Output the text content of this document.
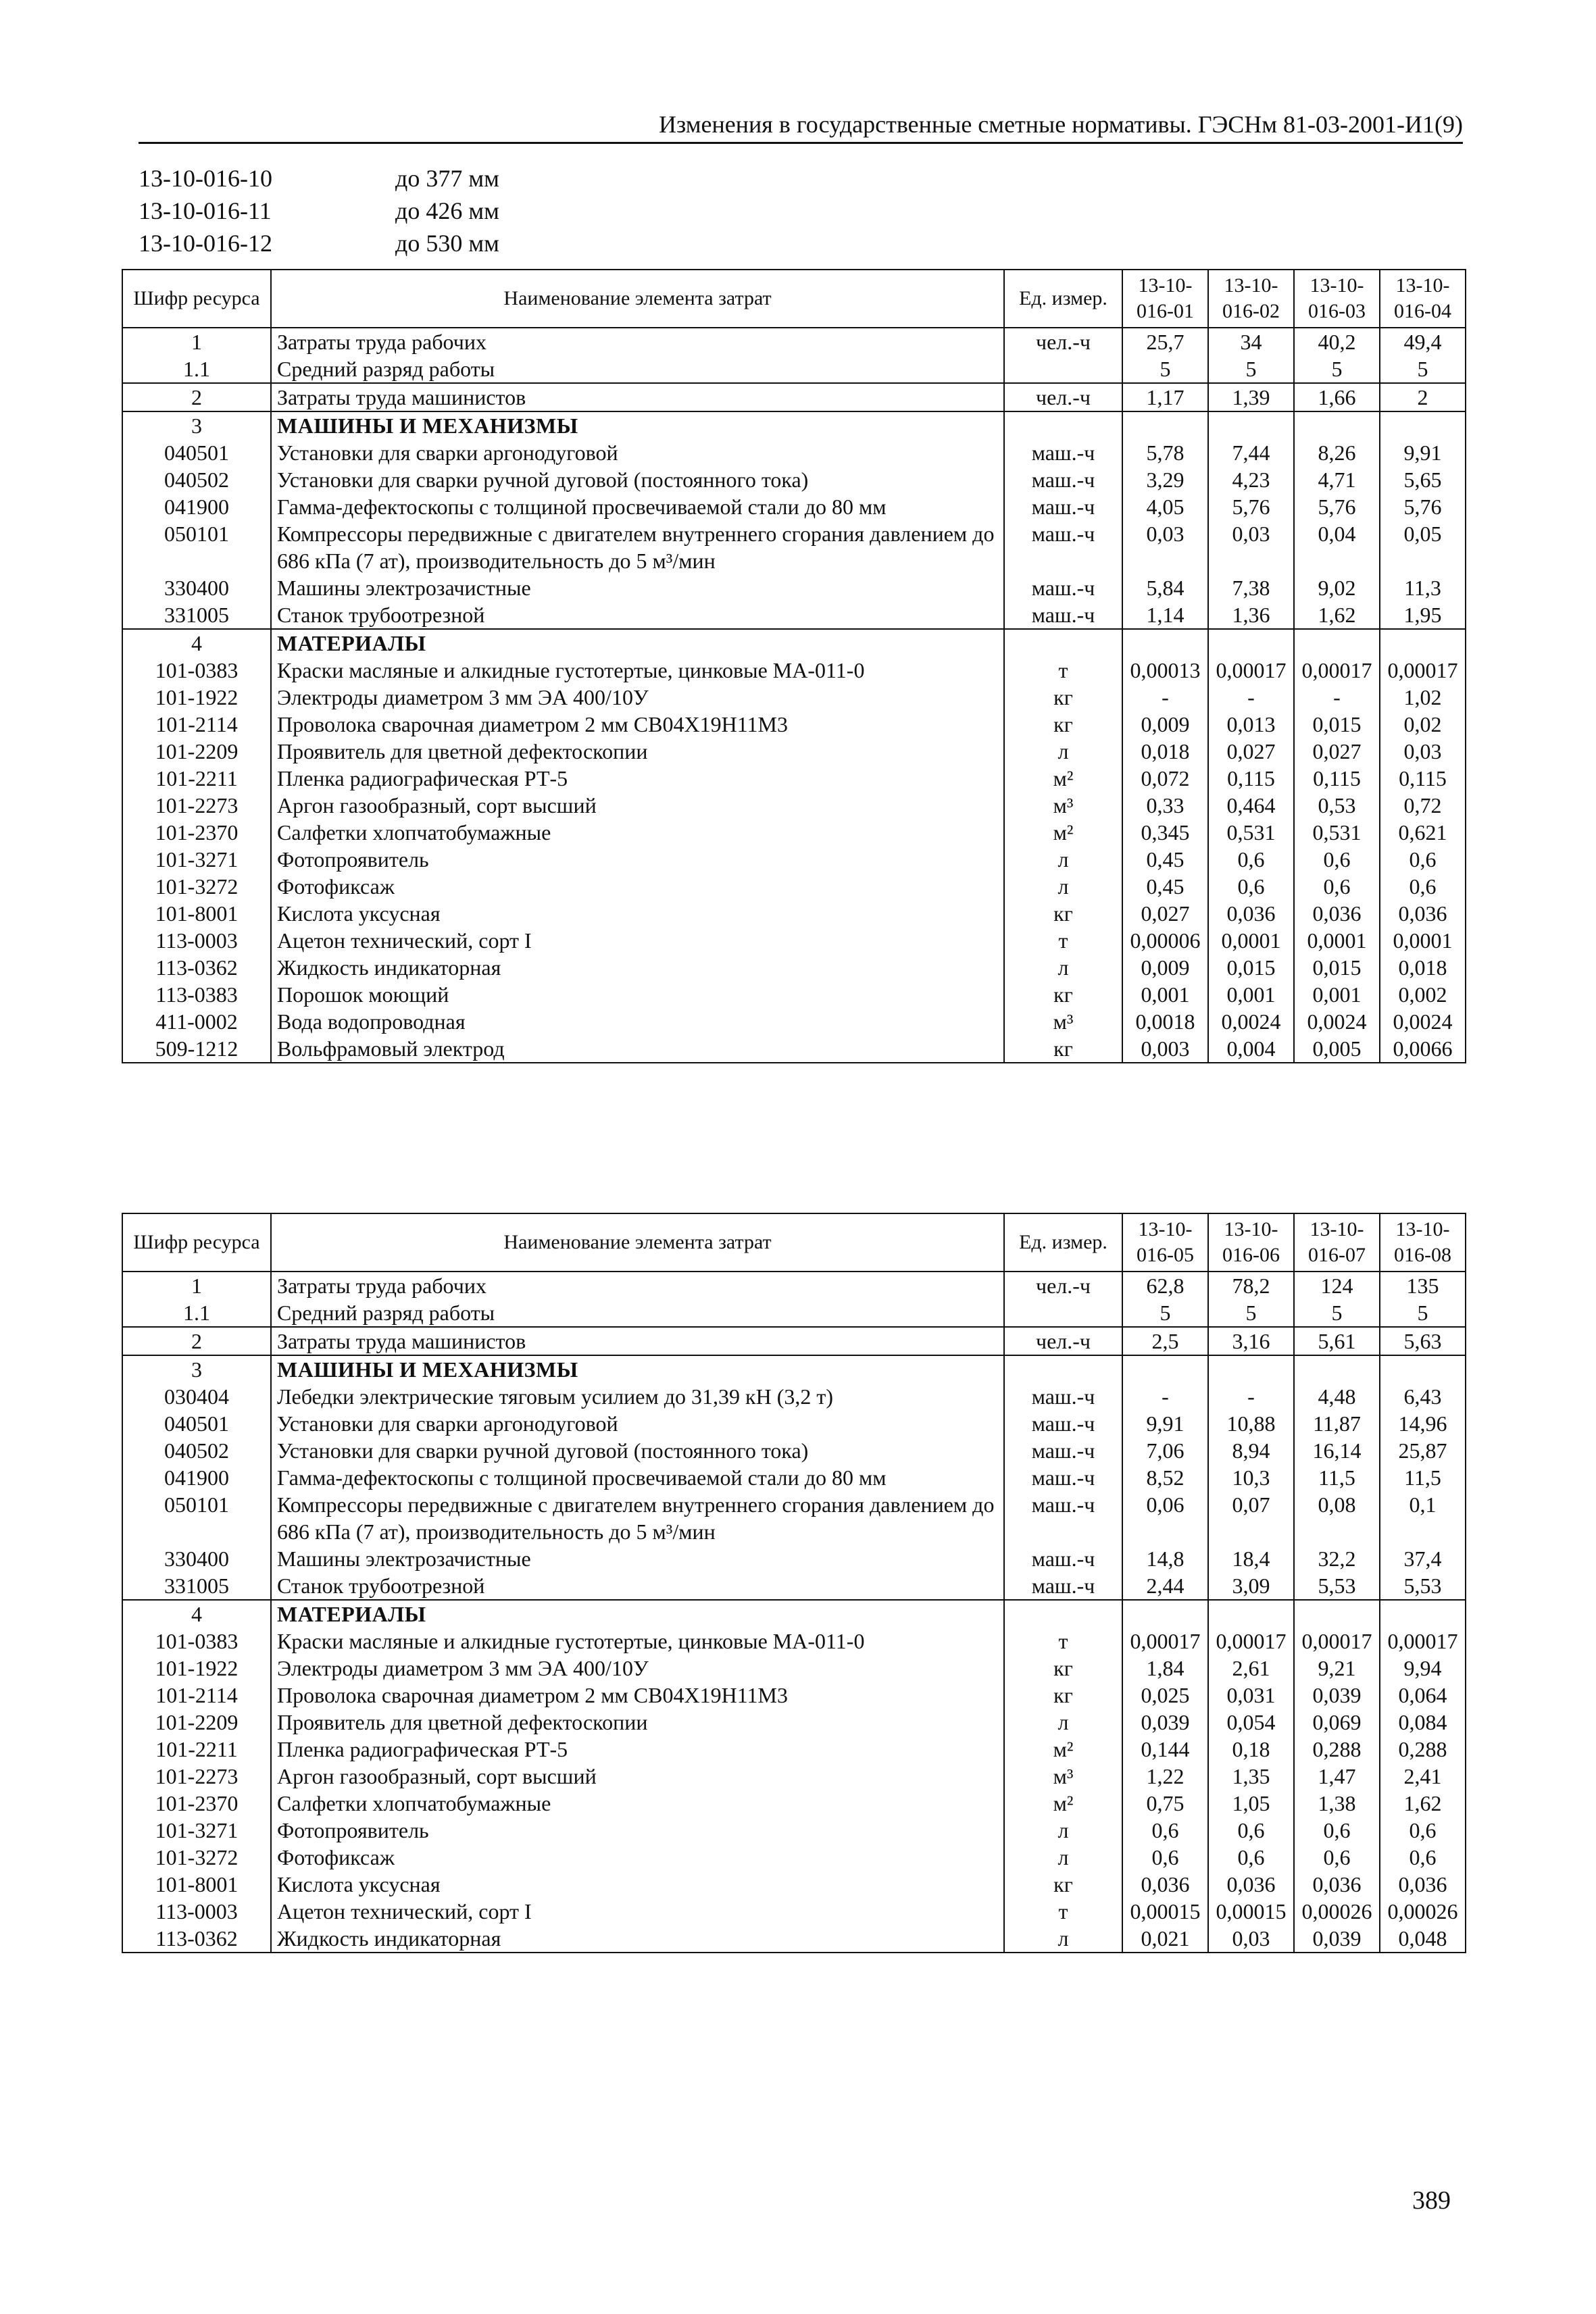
Изменения в государственные сметные нормативы. ГЭСНм 81-03-2001-И1(9)
13-10-016-10	до 377 мм
13-10-016-11	до 426 мм
13-10-016-12	до 530 мм
Шифр ресурса	Наименование элемента затрат	Ед. измер.	13-10-016-01	13-10-016-02	13-10-016-03	13-10-016-04
1	Затраты труда рабочих	чел.-ч	25,7	34	40,2	49,4
1.1	Средний разряд работы		5	5	5	5
2	Затраты труда машинистов	чел.-ч	1,17	1,39	1,66	2
3	МАШИНЫ И МЕХАНИЗМЫ					
040501	Установки для сварки аргонодуговой	маш.-ч	5,78	7,44	8,26	9,91
040502	Установки для сварки ручной дуговой (постоянного тока)	маш.-ч	3,29	4,23	4,71	5,65
041900	Гамма-дефектоскопы с толщиной просвечиваемой стали до 80 мм	маш.-ч	4,05	5,76	5,76	5,76
050101	Компрессоры передвижные с двигателем внутреннего сгорания давлением до 686 кПа (7 ат), производительность до 5 м³/мин	маш.-ч	0,03	0,03	0,04	0,05
330400	Машины электрозачистные	маш.-ч	5,84	7,38	9,02	11,3
331005	Станок трубоотрезной	маш.-ч	1,14	1,36	1,62	1,95
4	МАТЕРИАЛЫ					
101-0383	Краски масляные и алкидные густотертые, цинковые МА-011-0	т	0,00013	0,00017	0,00017	0,00017
101-1922	Электроды диаметром 3 мм ЭА 400/10У	кг	-	-	-	1,02
101-2114	Проволока сварочная диаметром 2 мм СВ04Х19Н11М3	кг	0,009	0,013	0,015	0,02
101-2209	Проявитель для цветной дефектоскопии	л	0,018	0,027	0,027	0,03
101-2211	Пленка радиографическая РТ-5	м²	0,072	0,115	0,115	0,115
101-2273	Аргон газообразный, сорт высший	м³	0,33	0,464	0,53	0,72
101-2370	Салфетки хлопчатобумажные	м²	0,345	0,531	0,531	0,621
101-3271	Фотопроявитель	л	0,45	0,6	0,6	0,6
101-3272	Фотофиксаж	л	0,45	0,6	0,6	0,6
101-8001	Кислота уксусная	кг	0,027	0,036	0,036	0,036
113-0003	Ацетон технический, сорт I	т	0,00006	0,0001	0,0001	0,0001
113-0362	Жидкость индикаторная	л	0,009	0,015	0,015	0,018
113-0383	Порошок моющий	кг	0,001	0,001	0,001	0,002
411-0002	Вода водопроводная	м³	0,0018	0,0024	0,0024	0,0024
509-1212	Вольфрамовый электрод	кг	0,003	0,004	0,005	0,0066
Шифр ресурса	Наименование элемента затрат	Ед. измер.	13-10-016-05	13-10-016-06	13-10-016-07	13-10-016-08
1	Затраты труда рабочих	чел.-ч	62,8	78,2	124	135
1.1	Средний разряд работы		5	5	5	5
2	Затраты труда машинистов	чел.-ч	2,5	3,16	5,61	5,63
3	МАШИНЫ И МЕХАНИЗМЫ					
030404	Лебедки электрические тяговым усилием до 31,39 кН (3,2 т)	маш.-ч	-	-	4,48	6,43
040501	Установки для сварки аргонодуговой	маш.-ч	9,91	10,88	11,87	14,96
040502	Установки для сварки ручной дуговой (постоянного тока)	маш.-ч	7,06	8,94	16,14	25,87
041900	Гамма-дефектоскопы с толщиной просвечиваемой стали до 80 мм	маш.-ч	8,52	10,3	11,5	11,5
050101	Компрессоры передвижные с двигателем внутреннего сгорания давлением до 686 кПа (7 ат), производительность до 5 м³/мин	маш.-ч	0,06	0,07	0,08	0,1
330400	Машины электрозачистные	маш.-ч	14,8	18,4	32,2	37,4
331005	Станок трубоотрезной	маш.-ч	2,44	3,09	5,53	5,53
4	МАТЕРИАЛЫ					
101-0383	Краски масляные и алкидные густотертые, цинковые МА-011-0	т	0,00017	0,00017	0,00017	0,00017
101-1922	Электроды диаметром 3 мм ЭА 400/10У	кг	1,84	2,61	9,21	9,94
101-2114	Проволока сварочная диаметром 2 мм СВ04Х19Н11М3	кг	0,025	0,031	0,039	0,064
101-2209	Проявитель для цветной дефектоскопии	л	0,039	0,054	0,069	0,084
101-2211	Пленка радиографическая РТ-5	м²	0,144	0,18	0,288	0,288
101-2273	Аргон газообразный, сорт высший	м³	1,22	1,35	1,47	2,41
101-2370	Салфетки хлопчатобумажные	м²	0,75	1,05	1,38	1,62
101-3271	Фотопроявитель	л	0,6	0,6	0,6	0,6
101-3272	Фотофиксаж	л	0,6	0,6	0,6	0,6
101-8001	Кислота уксусная	кг	0,036	0,036	0,036	0,036
113-0003	Ацетон технический, сорт I	т	0,00015	0,00015	0,00026	0,00026
113-0362	Жидкость индикаторная	л	0,021	0,03	0,039	0,048
389
